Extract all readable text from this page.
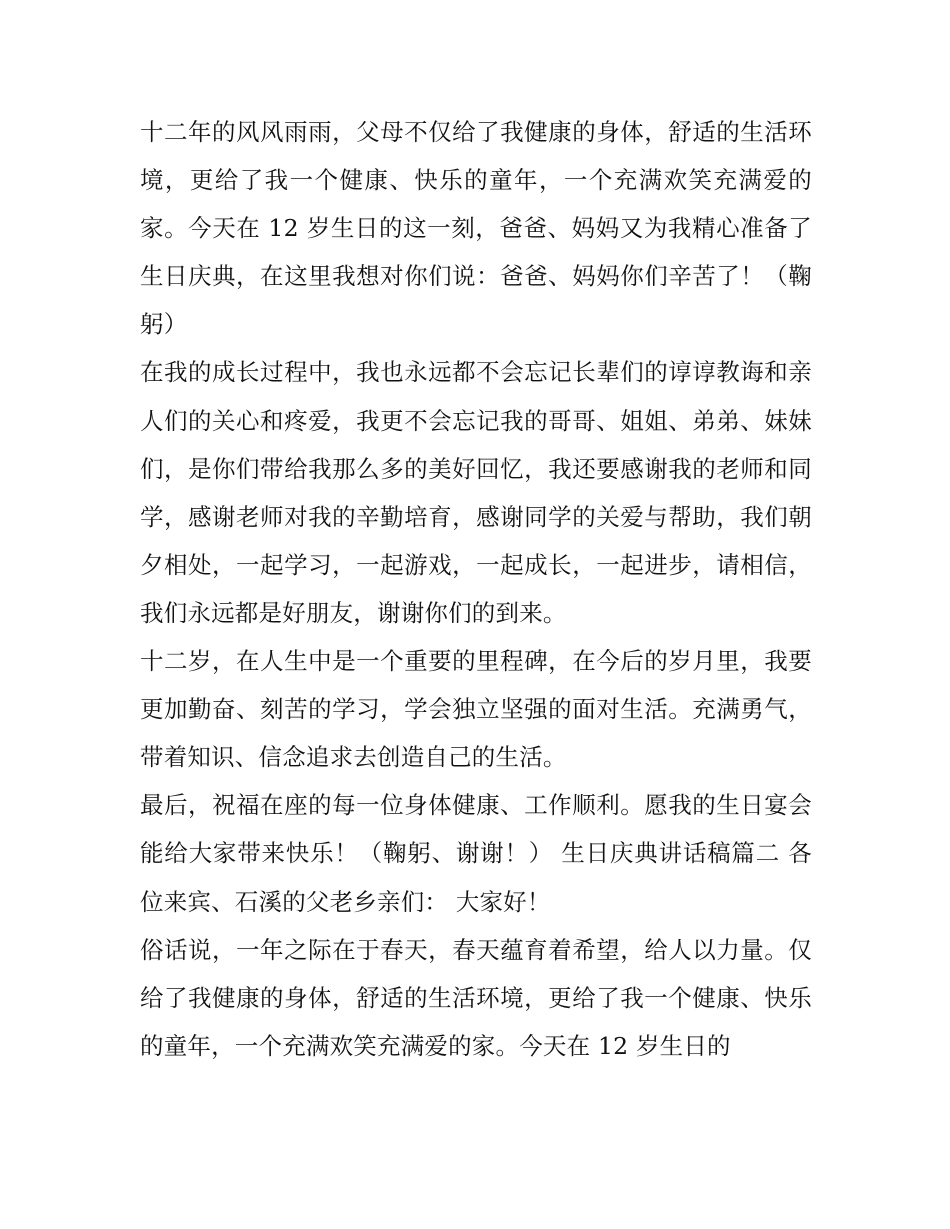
十二年的风风雨雨，父母不仅给了我健康的身体，舒适的生活环境，更给了我一个健康、快乐的童年，一个充满欢笑充满爱的家。今天在 12 岁生日的这一刻，爸爸、妈妈又为我精心准备了生日庆典，在这里我想对你们说：爸爸、妈妈你们辛苦了！（鞠躬）

在我的成长过程中，我也永远都不会忘记长辈们的谆谆教诲和亲人们的关心和疼爱，我更不会忘记我的哥哥、姐姐、弟弟、妹妹们，是你们带给我那么多的美好回忆，我还要感谢我的老师和同学，感谢老师对我的辛勤培育，感谢同学的关爱与帮助，我们朝夕相处，一起学习，一起游戏，一起成长，一起进步，请相信，我们永远都是好朋友，谢谢你们的到来。

十二岁，在人生中是一个重要的里程碑，在今后的岁月里，我要更加勤奋、刻苦的学习，学会独立坚强的面对生活。充满勇气，带着知识、信念追求去创造自己的生活。

最后，祝福在座的每一位身体健康、工作顺利。愿我的生日宴会能给大家带来快乐！（鞠躬、谢谢！） 生日庆典讲话稿篇二 各位来宾、石溪的父老乡亲们： 大家好！

俗话说，一年之际在于春天，春天蕴育着希望，给人以力量。仅给了我健康的身体，舒适的生活环境，更给了我一个健康、快乐的童年，一个充满欢笑充满爱的家。今天在 12 岁生日的
